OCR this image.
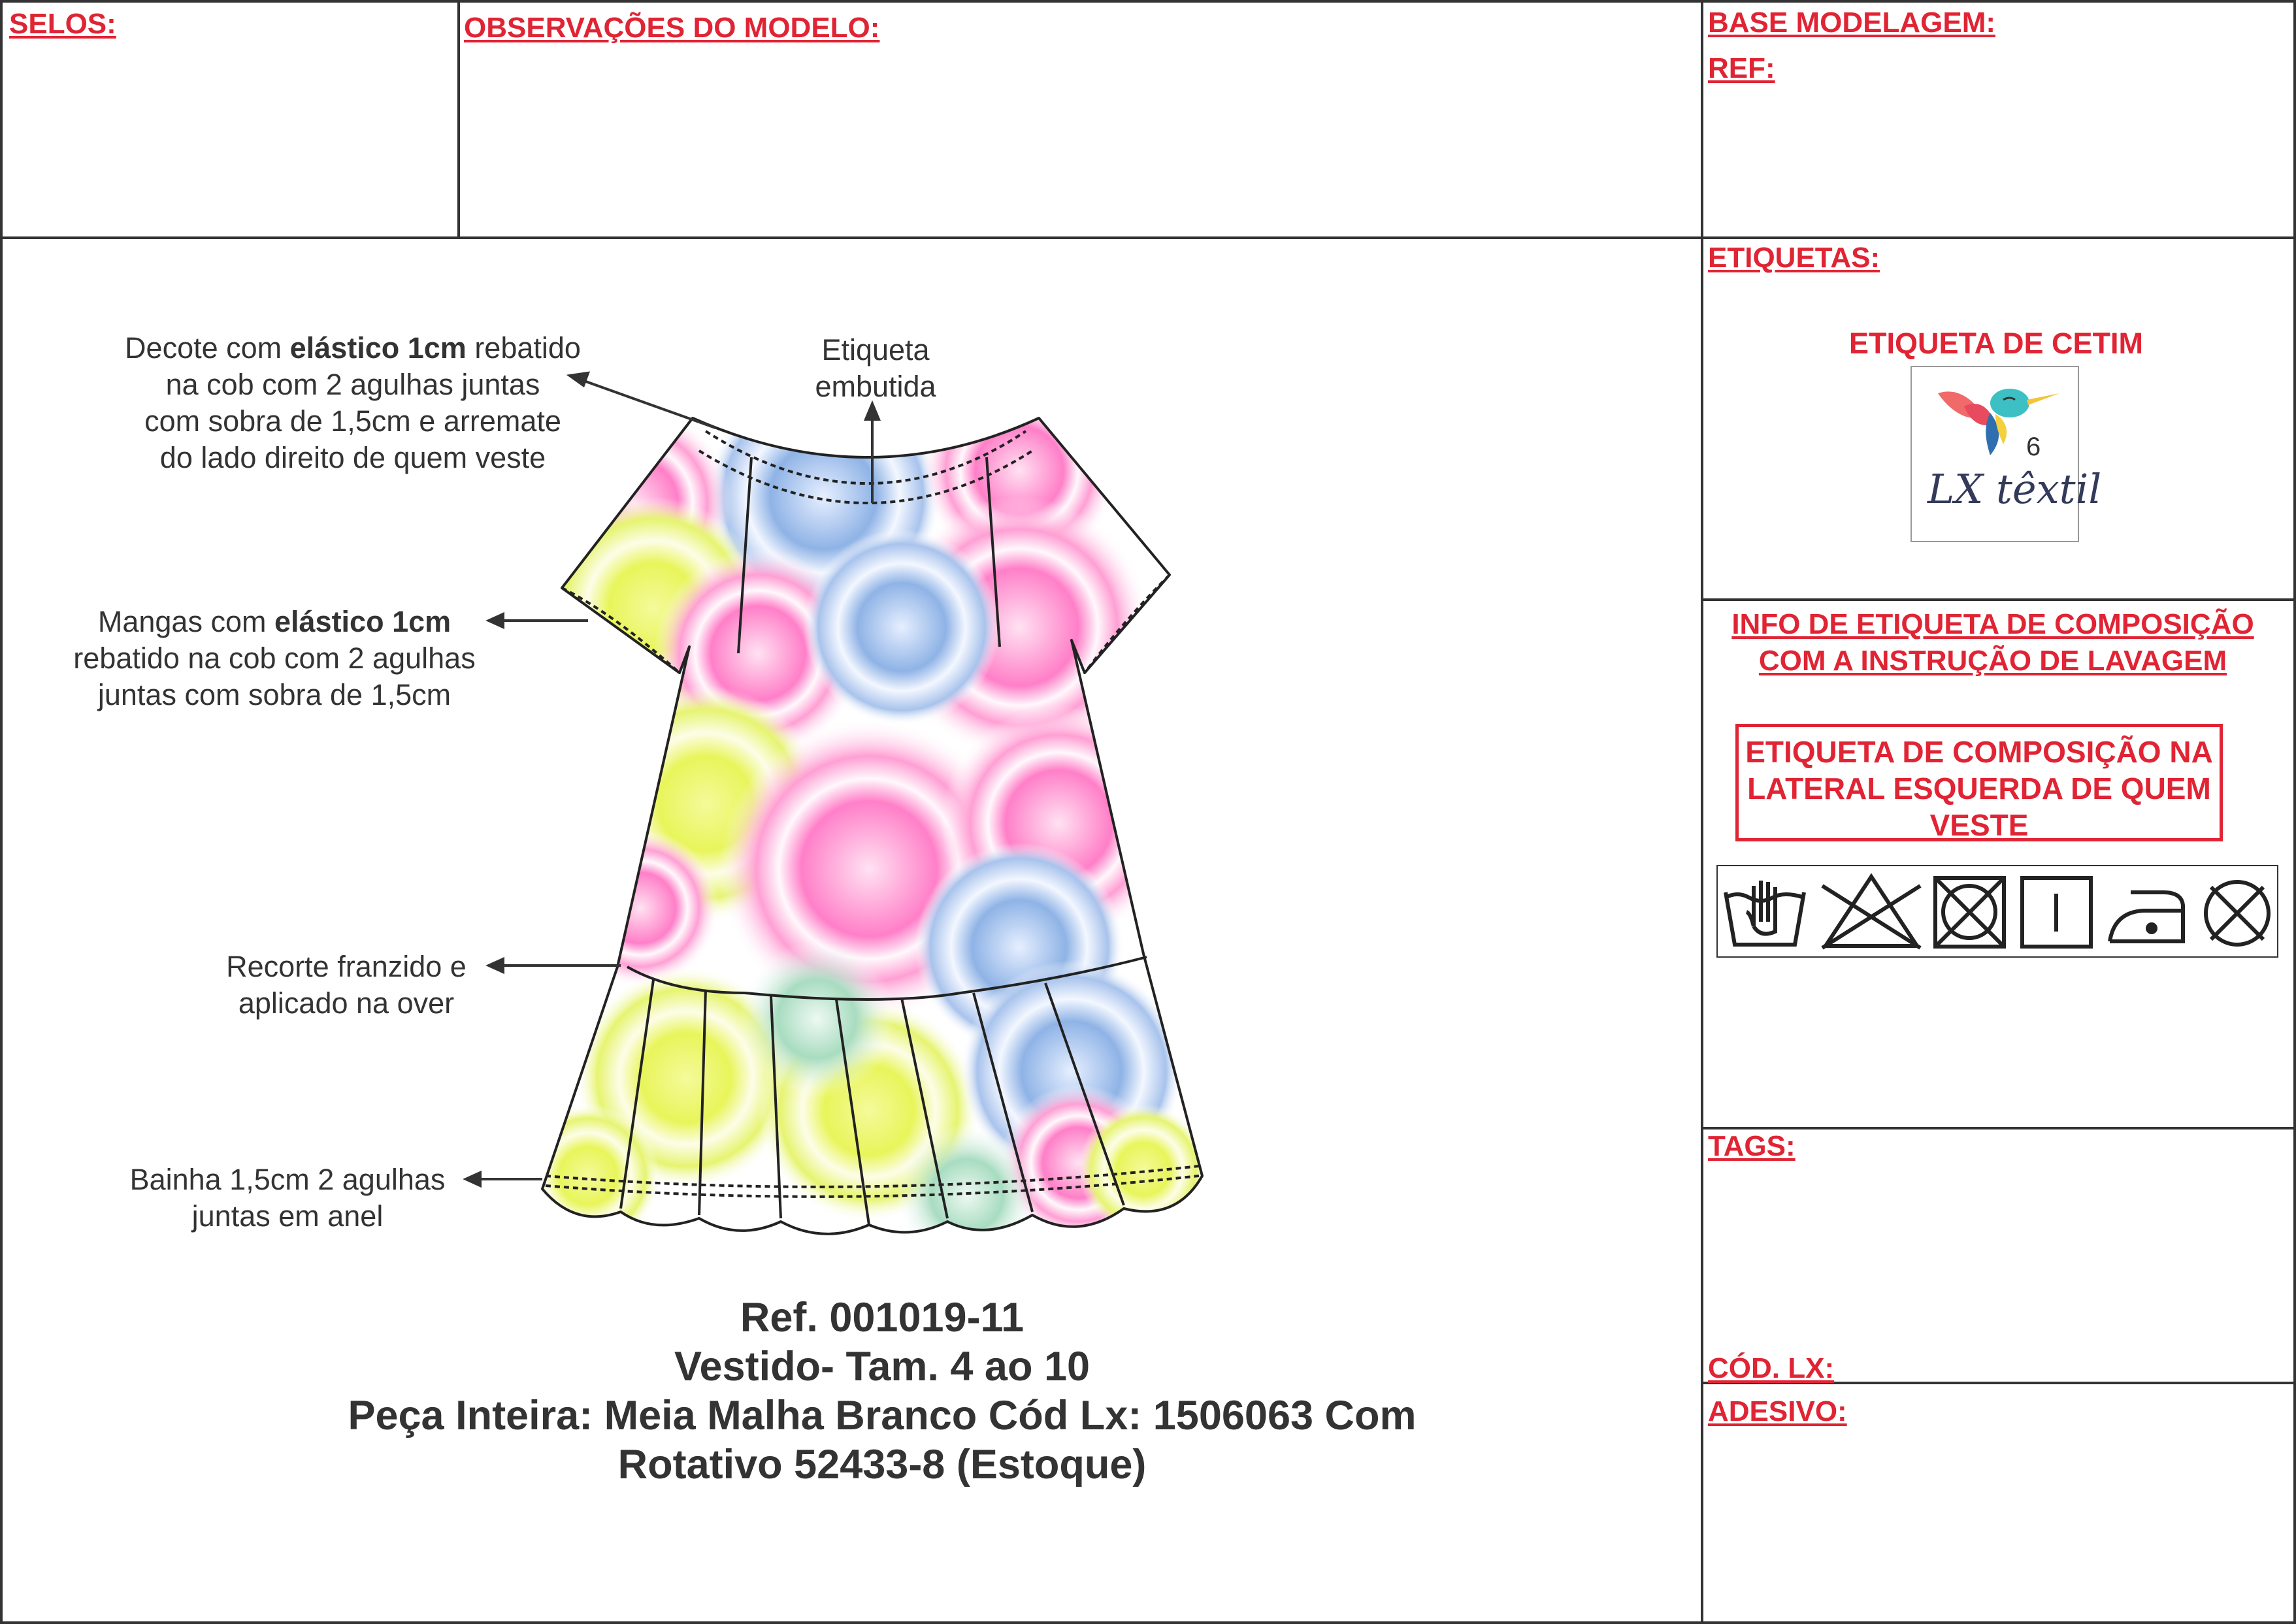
SELOS:	OBSERVAÇÕES DO MODELO:	BASE MODELAGEM:
REF:
ETIQUETAS:
TAGS:
CÓD. LX:
ADESIVO:
ETIQUETA DE CETIM
6
LX têxtil
INFO DE ETIQUETA DE COMPOSIÇÃO
COM A INSTRUÇÃO DE LAVAGEM
ETIQUETA DE COMPOSIÇÃO NA
LATERAL ESQUERDA DE QUEM
VESTE
Decote com elástico 1cm rebatido
na cob com 2 agulhas juntas
com sobra de 1,5cm e arremate
do lado direito de quem veste
Etiqueta
embutida
Mangas com elástico 1cm
rebatido na cob com 2 agulhas
juntas com sobra de 1,5cm
Recorte franzido e
aplicado na over
Bainha 1,5cm 2 agulhas
juntas em anel
Ref. 001019-11
Vestido- Tam. 4 ao 10
Peça Inteira: Meia Malha Branco Cód Lx: 1506063 Com
Rotativo 52433-8 (Estoque)
